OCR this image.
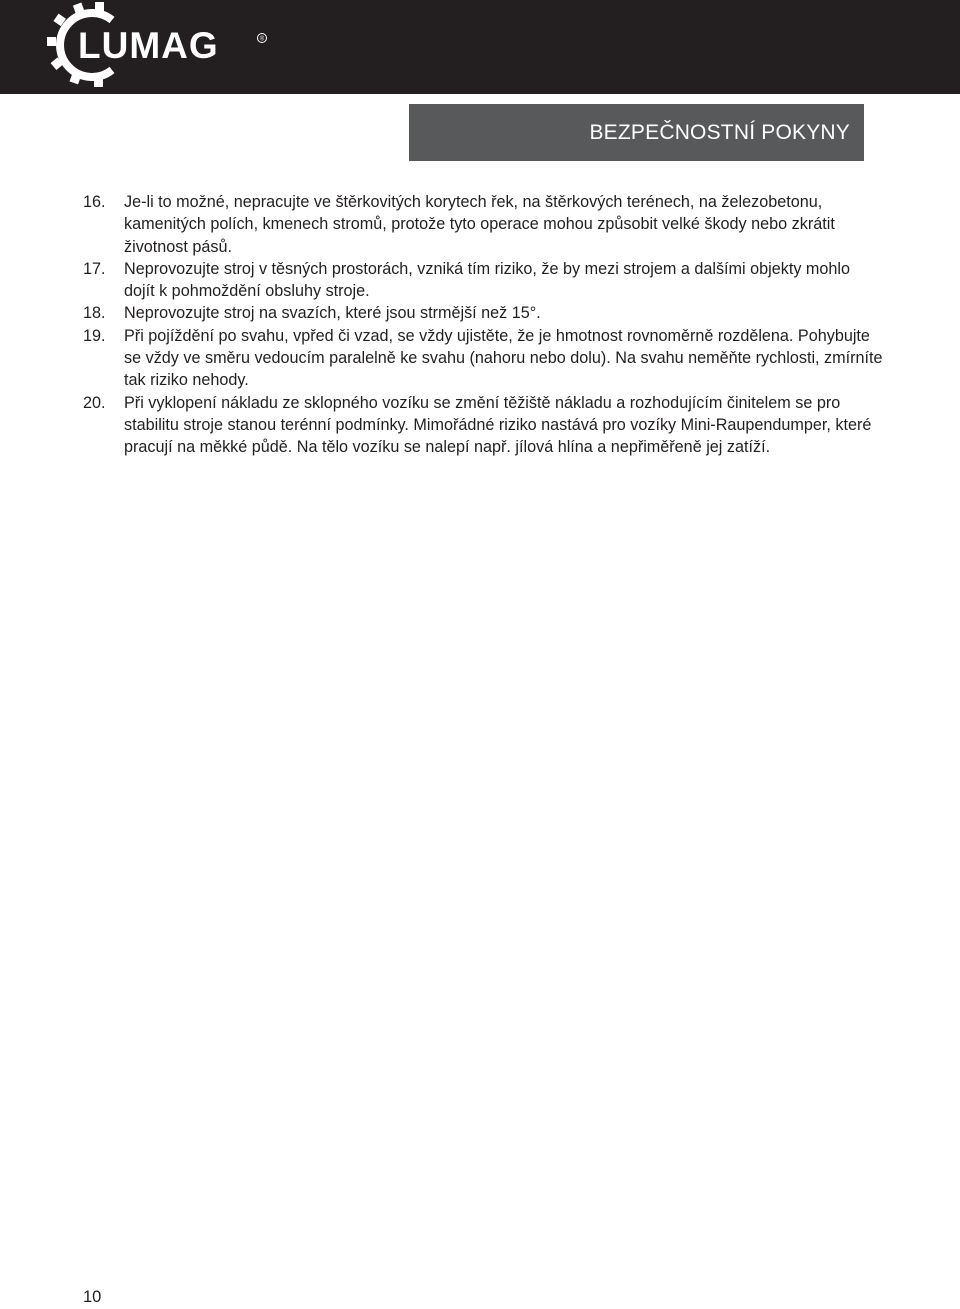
LUMAG	®
BEZPEČNOSTNÍ POKYNY
16. Je-li to možné, nepracujte ve štěrkovitých korytech řek, na štěrkových terénech, na železobetonu, kamenitých polích, kmenech stromů, protože tyto operace mohou způsobit velké škody nebo zkrátit životnost pásů.
17. Neprovozujte stroj v těsných prostorách, vzniká tím riziko, že by mezi strojem a dalšími objekty mohlo dojít k pohmoždění obsluhy stroje.
18. Neprovozujte stroj na svazích, které jsou strmější než 15°.
19. Při pojíždění po svahu, vpřed či vzad, se vždy ujistěte, že je hmotnost rovnoměrně rozdělena. Pohybujte se vždy ve směru vedoucím paralelně ke svahu (nahoru nebo dolu). Na svahu neměňte rychlosti, zmírníte tak riziko nehody.
20. Při vyklopení nákladu ze sklopného vozíku se změní těžiště nákladu a rozhodujícím činitelem se pro stabilitu stroje stanou terénní podmínky. Mimořádné riziko nastává pro vozíky Mini-Raupendumper, které pracují na měkké půdě. Na tělo vozíku se nalepí např. jílová hlína a nepřiměřeně jej zatíží.
10
